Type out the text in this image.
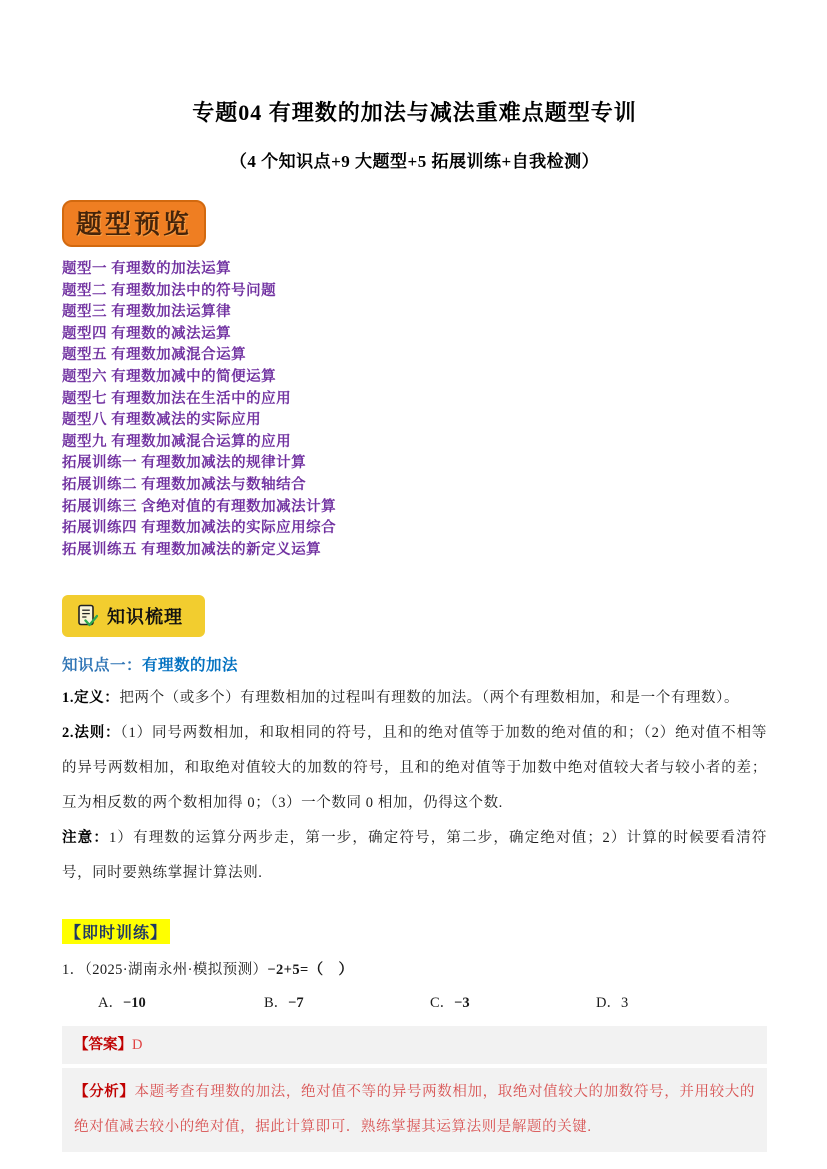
专题04 有理数的加法与减法重难点题型专训
（4 个知识点+9 大题型+5 拓展训练+自我检测）
题型预览
题型一 有理数的加法运算
题型二 有理数加法中的符号问题
题型三 有理数加法运算律
题型四 有理数的减法运算
题型五 有理数加减混合运算
题型六 有理数加减中的简便运算
题型七 有理数加法在生活中的应用
题型八 有理数减法的实际应用
题型九 有理数加减混合运算的应用
拓展训练一 有理数加减法的规律计算
拓展训练二 有理数加减法与数轴结合
拓展训练三 含绝对值的有理数加减法计算
拓展训练四 有理数加减法的实际应用综合
拓展训练五 有理数加减法的新定义运算
知识梳理
知识点一：有理数的加法

1.定义：把两个（或多个）有理数相加的过程叫有理数的加法。（两个有理数相加，和是一个有理数）。

2.法则：（1）同号两数相加，和取相同的符号，且和的绝对值等于加数的绝对值的和；（2）绝对值不相等的异号两数相加，和取绝对值较大的加数的符号，且和的绝对值等于加数中绝对值较大者与较小者的差；互为相反数的两个数相加得 0；（3）一个数同 0 相加，仍得这个数.

注意：1）有理数的运算分两步走，第一步，确定符号，第二步，确定绝对值；2）计算的时候要看清符号，同时要熟练掌握计算法则.

【即时训练】
1．（2025·湖南永州·模拟预测）−2+5=（　）
A．−10	B．−7	C．−3	D．3
【答案】D
【分析】本题考查有理数的加法，绝对值不等的异号两数相加，取绝对值较大的加数符号，并用较大的绝对值减去较小的绝对值，据此计算即可．熟练掌握其运算法则是解题的关键.
